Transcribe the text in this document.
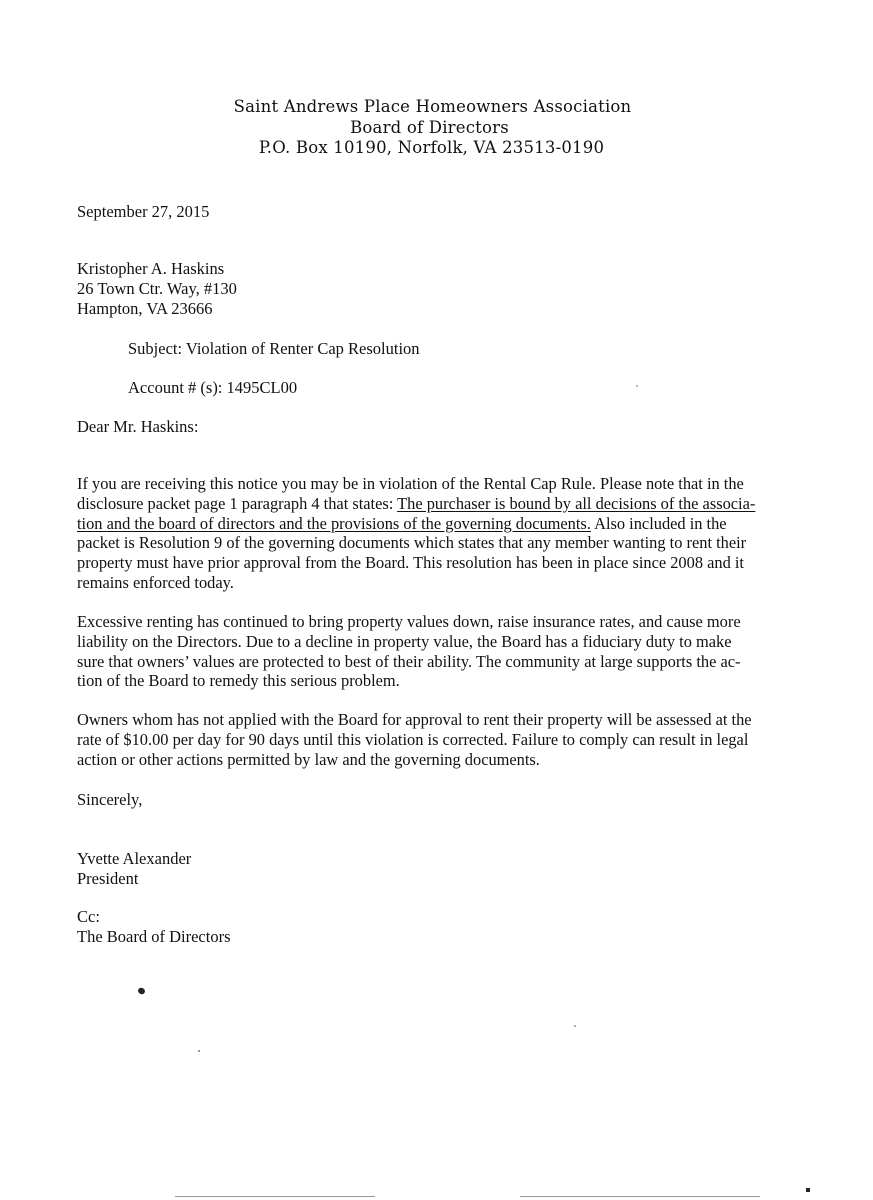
Saint Andrews Place Homeowners Association
Board of Directors
P.O. Box 10190, Norfolk, VA 23513-0190
September 27, 2015
Kristopher A. Haskins
26 Town Ctr. Way, #130
Hampton, VA 23666
Subject: Violation of Renter Cap Resolution
Account # (s): 1495CL00
Dear Mr. Haskins:
If you are receiving this notice you may be in violation of the Rental Cap Rule. Please note that in the
disclosure packet page 1 paragraph 4 that states: The purchaser is bound by all decisions of the associa-
tion and the board of directors and the provisions of the governing documents. Also included in the
packet is Resolution 9 of the governing documents which states that any member wanting to rent their
property must have prior approval from the Board. This resolution has been in place since 2008 and it
remains enforced today.
Excessive renting has continued to bring property values down, raise insurance rates, and cause more
liability on the Directors. Due to a decline in property value, the Board has a fiduciary duty to make
sure that owners’ values are protected to best of their ability. The community at large supports the ac-
tion of the Board to remedy this serious problem.
Owners whom has not applied with the Board for approval to rent their property will be assessed at the
rate of $10.00 per day for 90 days until this violation is corrected. Failure to comply can result in legal
action or other actions permitted by law and the governing documents.
Sincerely,
Yvette Alexander
President
Cc:
The Board of Directors
